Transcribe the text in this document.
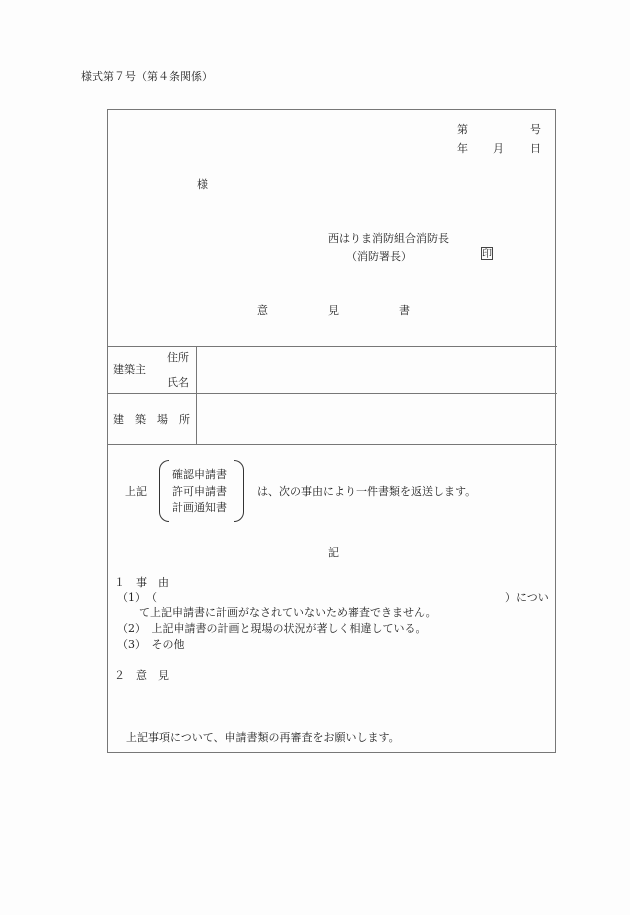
様式第７号（第４条関係）
第	号
年 月 日
様
西はりま消防組合消防長
（消防署長）	印
意	見	書
建築主
住所
氏名
建　築　場　所
上記
確認申請書
許可申請書
計画通知書
は、次の事由により一件書類を返送します。
記
１　事　由
（1）　（	）につい
て上記申請書に計画がなされていないため審査できません。
（2）　上記申請書の計画と現場の状況が著しく相違している。
（3）　その他
２　意　見
上記事項について、申請書類の再審査をお願いします。
